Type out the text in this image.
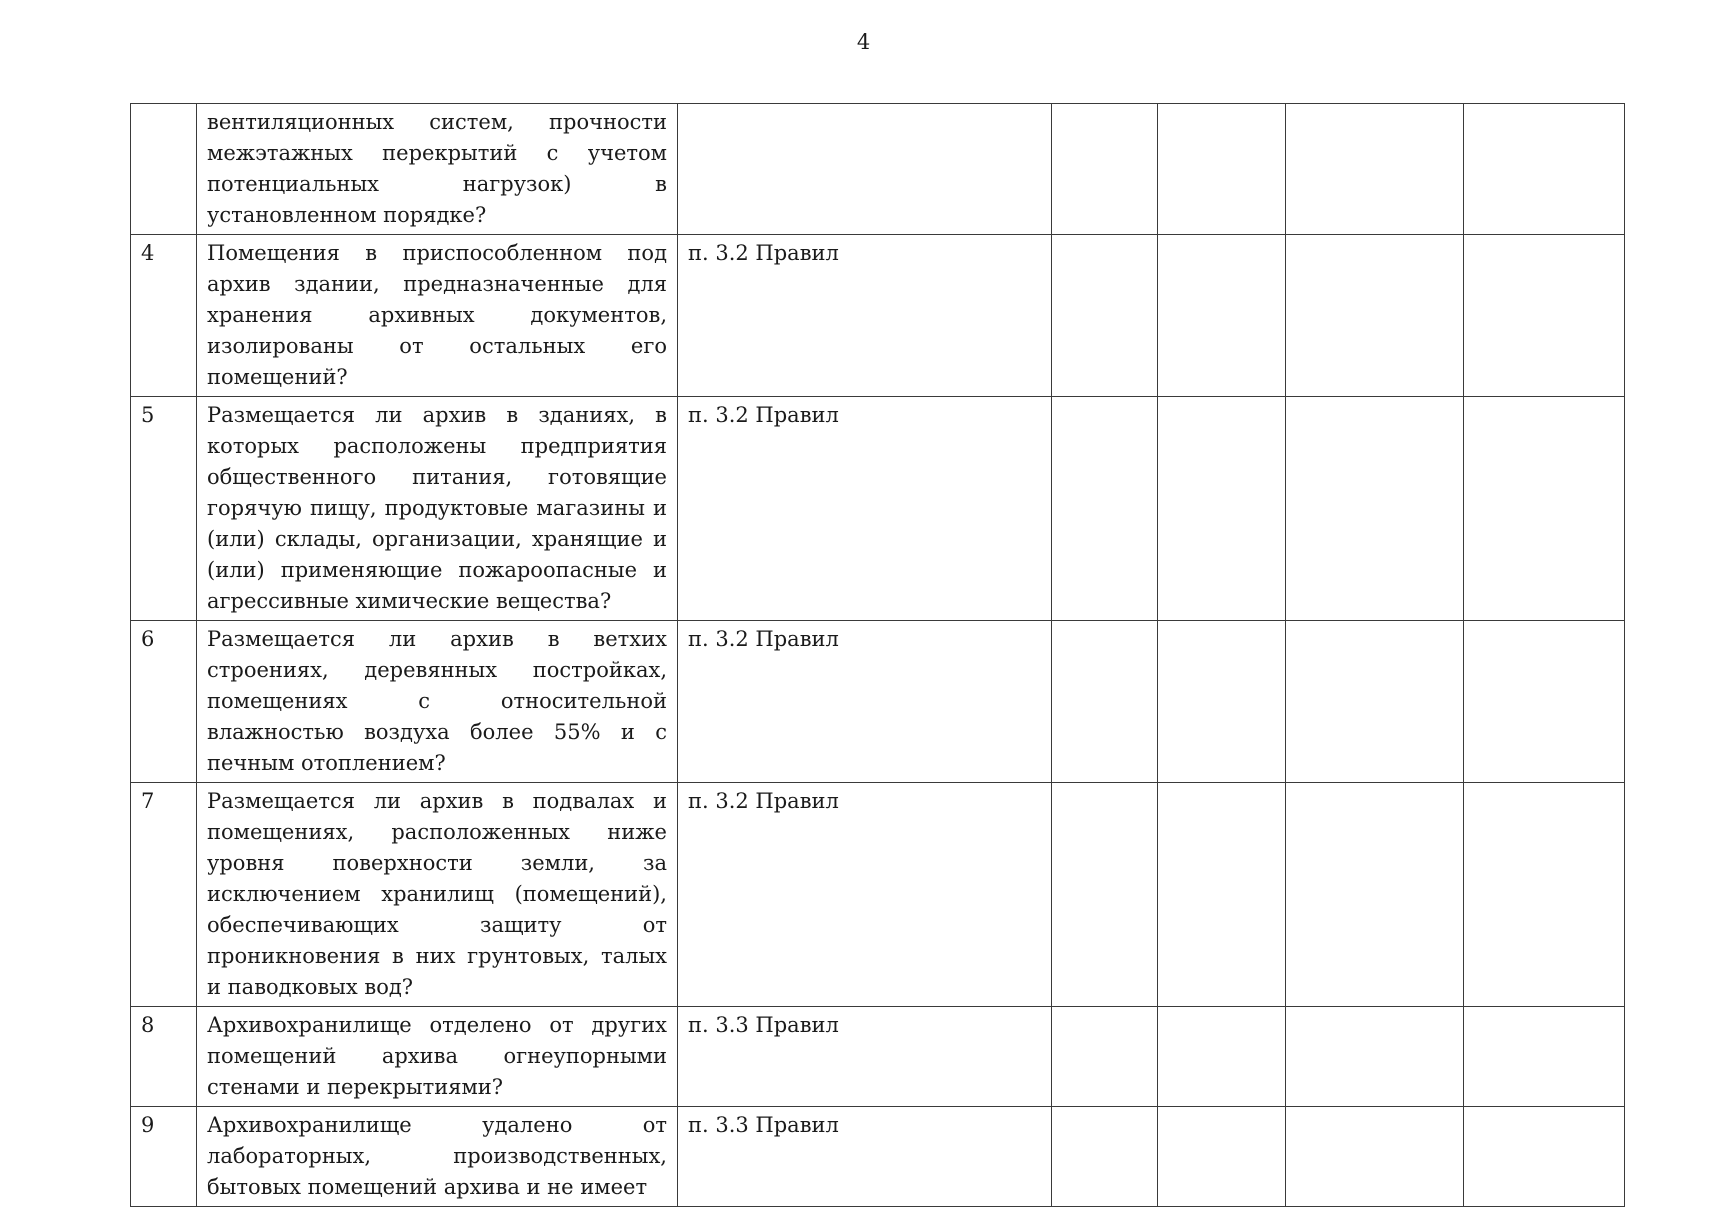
4
	вентиляционных систем, прочности межэтажных перекрытий с учетом потенциальных нагрузок) в установленном порядке?					
4	Помещения в приспособленном под архив здании, предназначенные для хранения архивных документов, изолированы от остальных его помещений?	п. 3.2 Правил				
5	Размещается ли архив в зданиях, в которых расположены предприятия общественного питания, готовящие горячую пищу, продуктовые магазины и (или) склады, организации, хранящие и (или) применяющие пожароопасные и агрессивные химические вещества?	п. 3.2 Правил				
6	Размещается ли архив в ветхих строениях, деревянных постройках, помещениях с относительной влажностью воздуха более 55% и с печным отоплением?	п. 3.2 Правил				
7	Размещается ли архив в подвалах и помещениях, расположенных ниже уровня поверхности земли, за исключением хранилищ (помещений), обеспечивающих защиту от проникновения в них грунтовых, талых и паводковых вод?	п. 3.2 Правил				
8	Архивохранилище отделено от других помещений архива огнеупорными стенами и перекрытиями?	п. 3.3 Правил				
9	Архивохранилище удалено от лабораторных, производственных, бытовых помещений архива и не имеет	п. 3.3 Правил				
